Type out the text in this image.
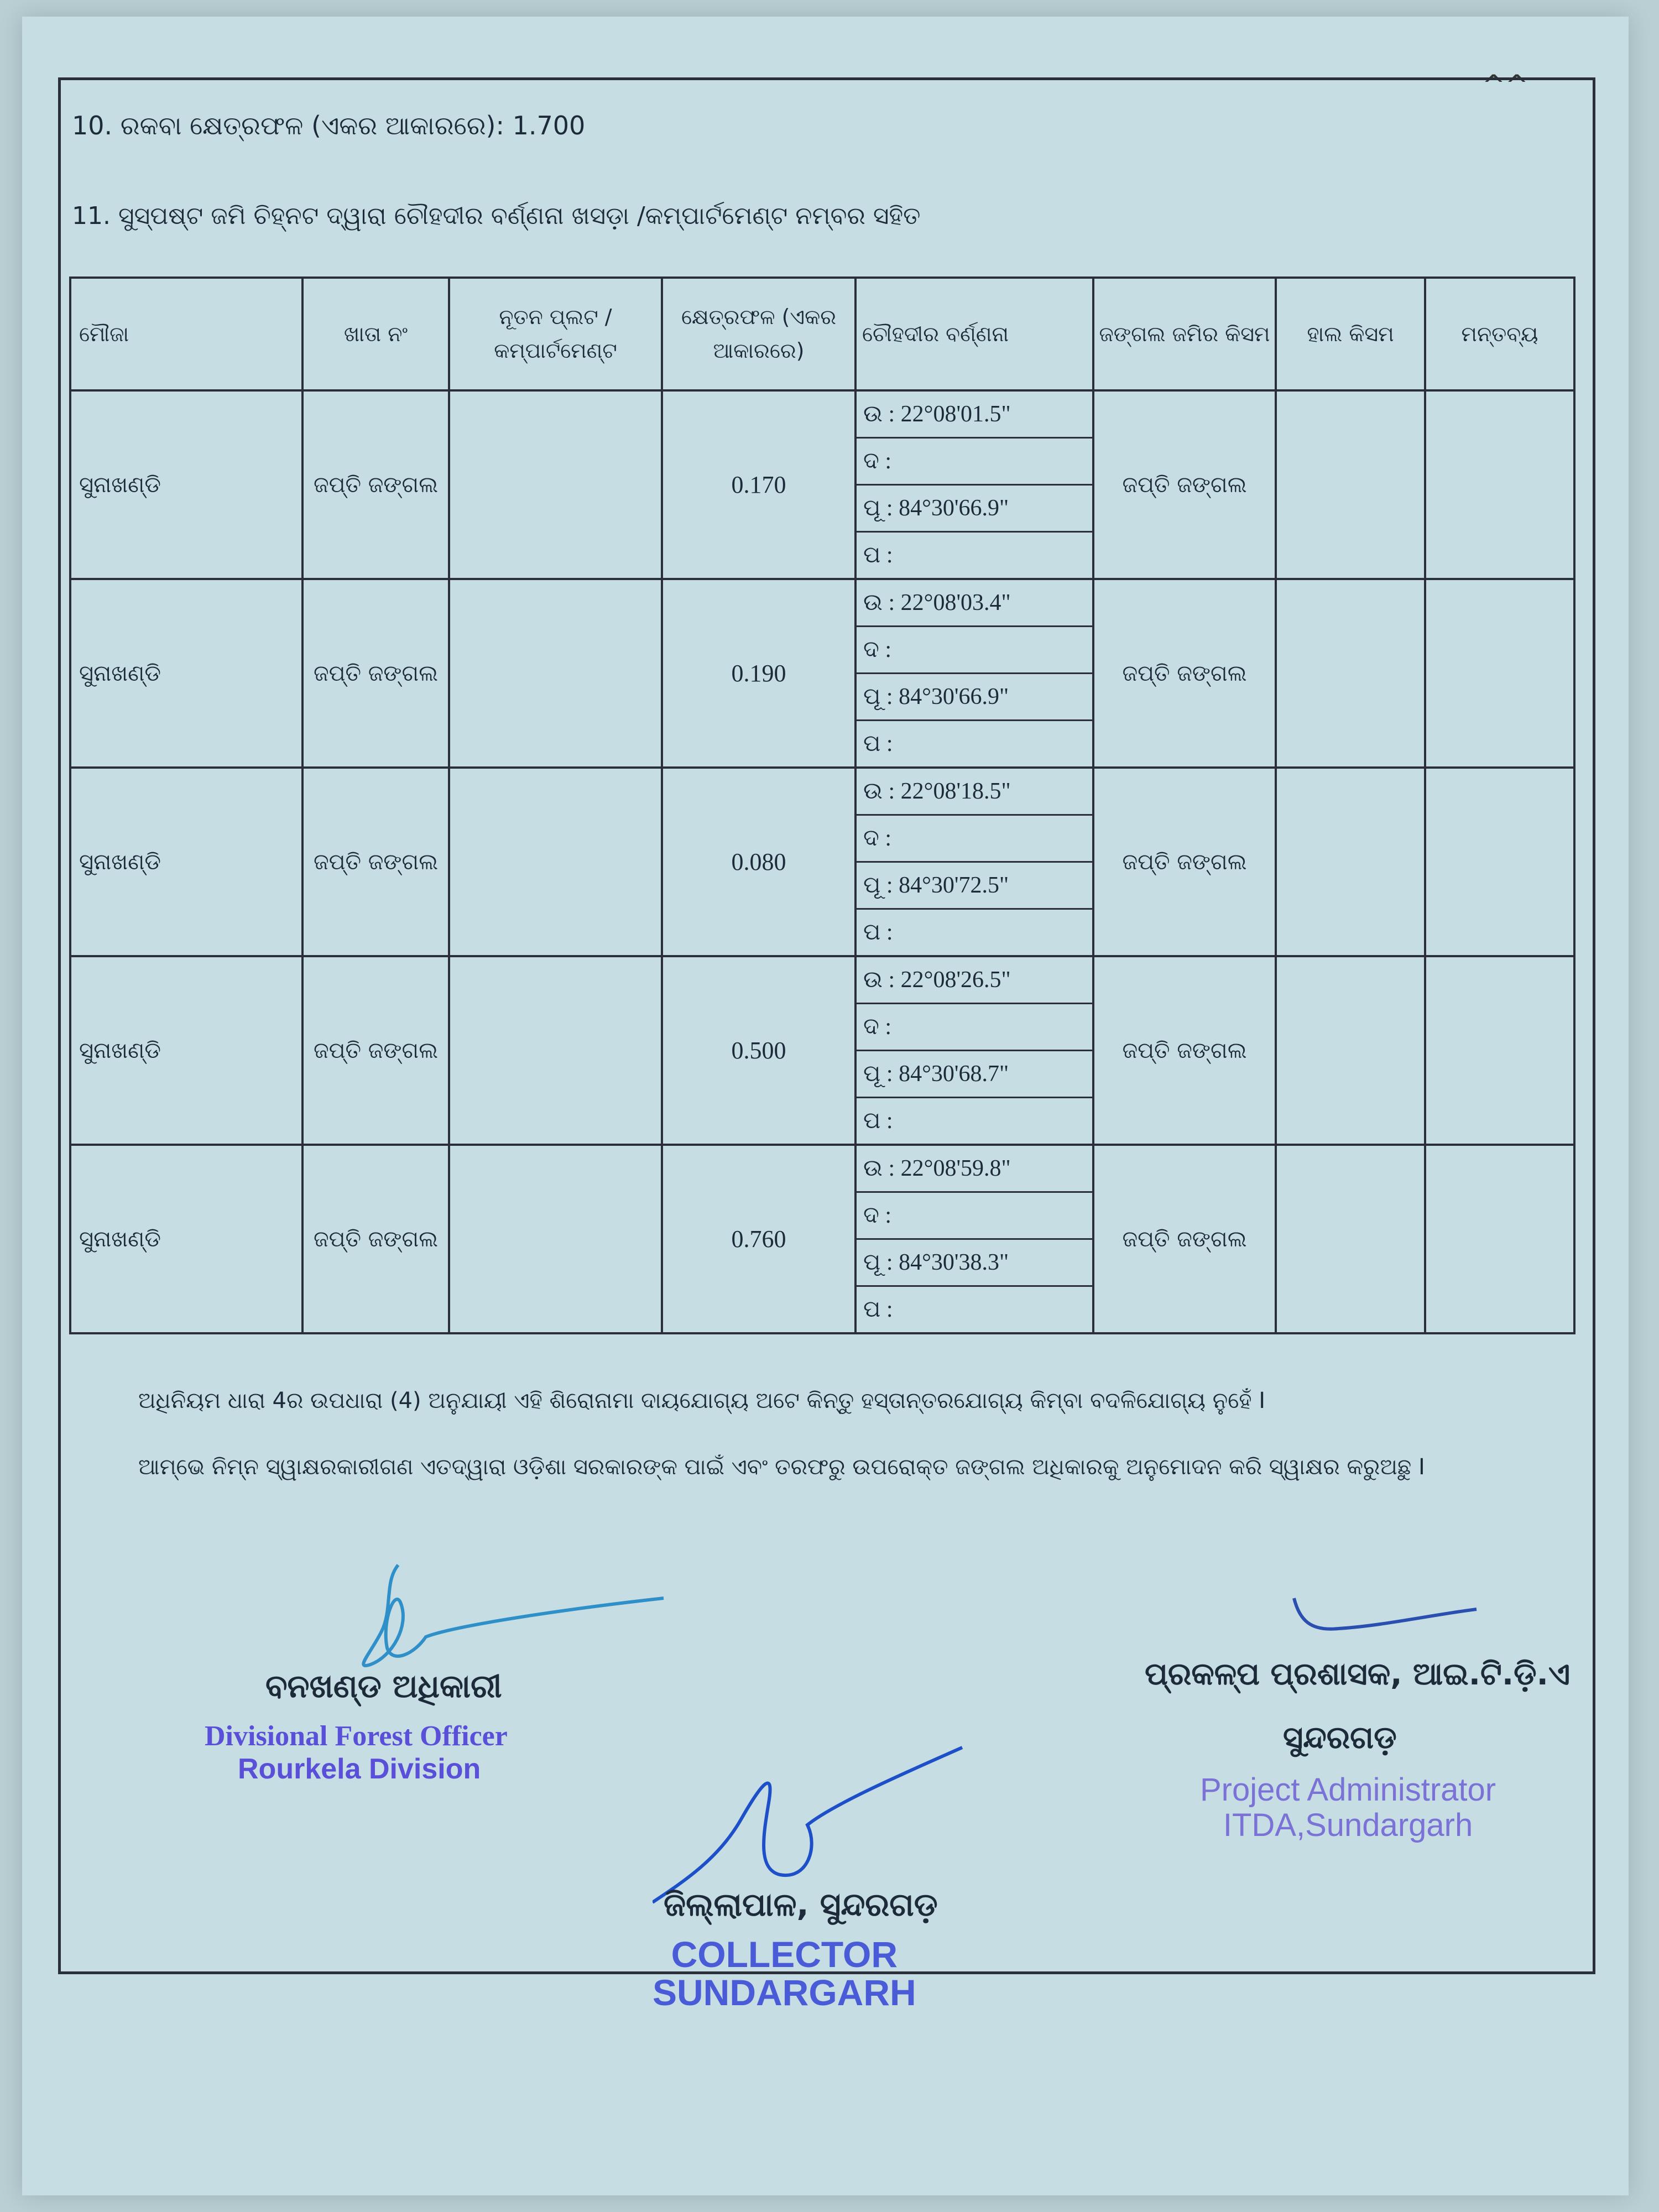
^^
10. ରକବା କ୍ଷେତ୍ରଫଳ (ଏକର ଆକାରରେ): 1.700
11. ସୁସ୍ପଷ୍ଟ ଜମି ଚିହ୍ନଟ ଦ୍ୱାରା ଚୌହଦୀର ବର୍ଣ୍ଣନା ଖସଡ଼ା /କମ୍ପାର୍ଟମେଣ୍ଟ ନମ୍ବର ସହିତ
ମୌଜା	ଖାତା ନଂ	ନୂତନ ପ୍ଲଟ / କମ୍ପାର୍ଟମେଣ୍ଟ	କ୍ଷେତ୍ରଫଳ (ଏକର ଆକାରରେ)	ଚୌହଦୀର ବର୍ଣ୍ଣନା	ଜଙ୍ଗଲ ଜମିର କିସମ	ହାଲ କିସମ	ମନ୍ତବ୍ୟ
ସୁନାଖଣ୍ଡି	ଜପ୍ତି ଜଙ୍ଗଲ		0.170	ଉ : 22°08'01.5"
ଦ :
ପୂ : 84°30'66.9"
ପ :	ଜପ୍ତି ଜଙ୍ଗଲ		
ସୁନାଖଣ୍ଡି	ଜପ୍ତି ଜଙ୍ଗଲ		0.190	ଉ : 22°08'03.4"
ଦ :
ପୂ : 84°30'66.9"
ପ :	ଜପ୍ତି ଜଙ୍ଗଲ		
ସୁନାଖଣ୍ଡି	ଜପ୍ତି ଜଙ୍ଗଲ		0.080	ଉ : 22°08'18.5"
ଦ :
ପୂ : 84°30'72.5"
ପ :	ଜପ୍ତି ଜଙ୍ଗଲ		
ସୁନାଖଣ୍ଡି	ଜପ୍ତି ଜଙ୍ଗଲ		0.500	ଉ : 22°08'26.5"
ଦ :
ପୂ : 84°30'68.7"
ପ :	ଜପ୍ତି ଜଙ୍ଗଲ		
ସୁନାଖଣ୍ଡି	ଜପ୍ତି ଜଙ୍ଗଲ		0.760	ଉ : 22°08'59.8"
ଦ :
ପୂ : 84°30'38.3"
ପ :	ଜପ୍ତି ଜଙ୍ଗଲ		
ଅଧିନିୟମ ଧାରା 4ର ଉପଧାରା (4) ଅନୁଯାୟୀ ଏହି ଶିରୋନାମା ଦାୟଯୋଗ୍ୟ ଅଟେ କିନ୍ତୁ ହସ୍ତାନ୍ତରଯୋଗ୍ୟ କିମ୍ବା ବଦଳିଯୋଗ୍ୟ ନୁହେଁ I
ଆମ୍ଭେ ନିମ୍ନ ସ୍ୱାକ୍ଷରକାରୀଗଣ ଏତଦ୍ୱାରା ଓଡ଼ିଶା ସରକାରଙ୍କ ପାଇଁ ଏବଂ ତରଫରୁ ଉପରୋକ୍ତ ଜଙ୍ଗଲ ଅଧିକାରକୁ ଅନୁମୋଦନ କରି ସ୍ୱାକ୍ଷର କରୁଅଛୁ I
ବନଖଣ୍ଡ ଅଧିକାରୀ
Divisional Forest Officer
Rourkela Division
ପ୍ରକଳ୍ପ ପ୍ରଶାସକ, ଆଇ.ଟି.ଡ଼ି.ଏ
ସୁନ୍ଦରଗଡ଼
Project Administrator
ITDA,Sundargarh
ଜିଲ୍ଲାପାଳ, ସୁନ୍ଦରଗଡ଼
COLLECTOR
SUNDARGARH
